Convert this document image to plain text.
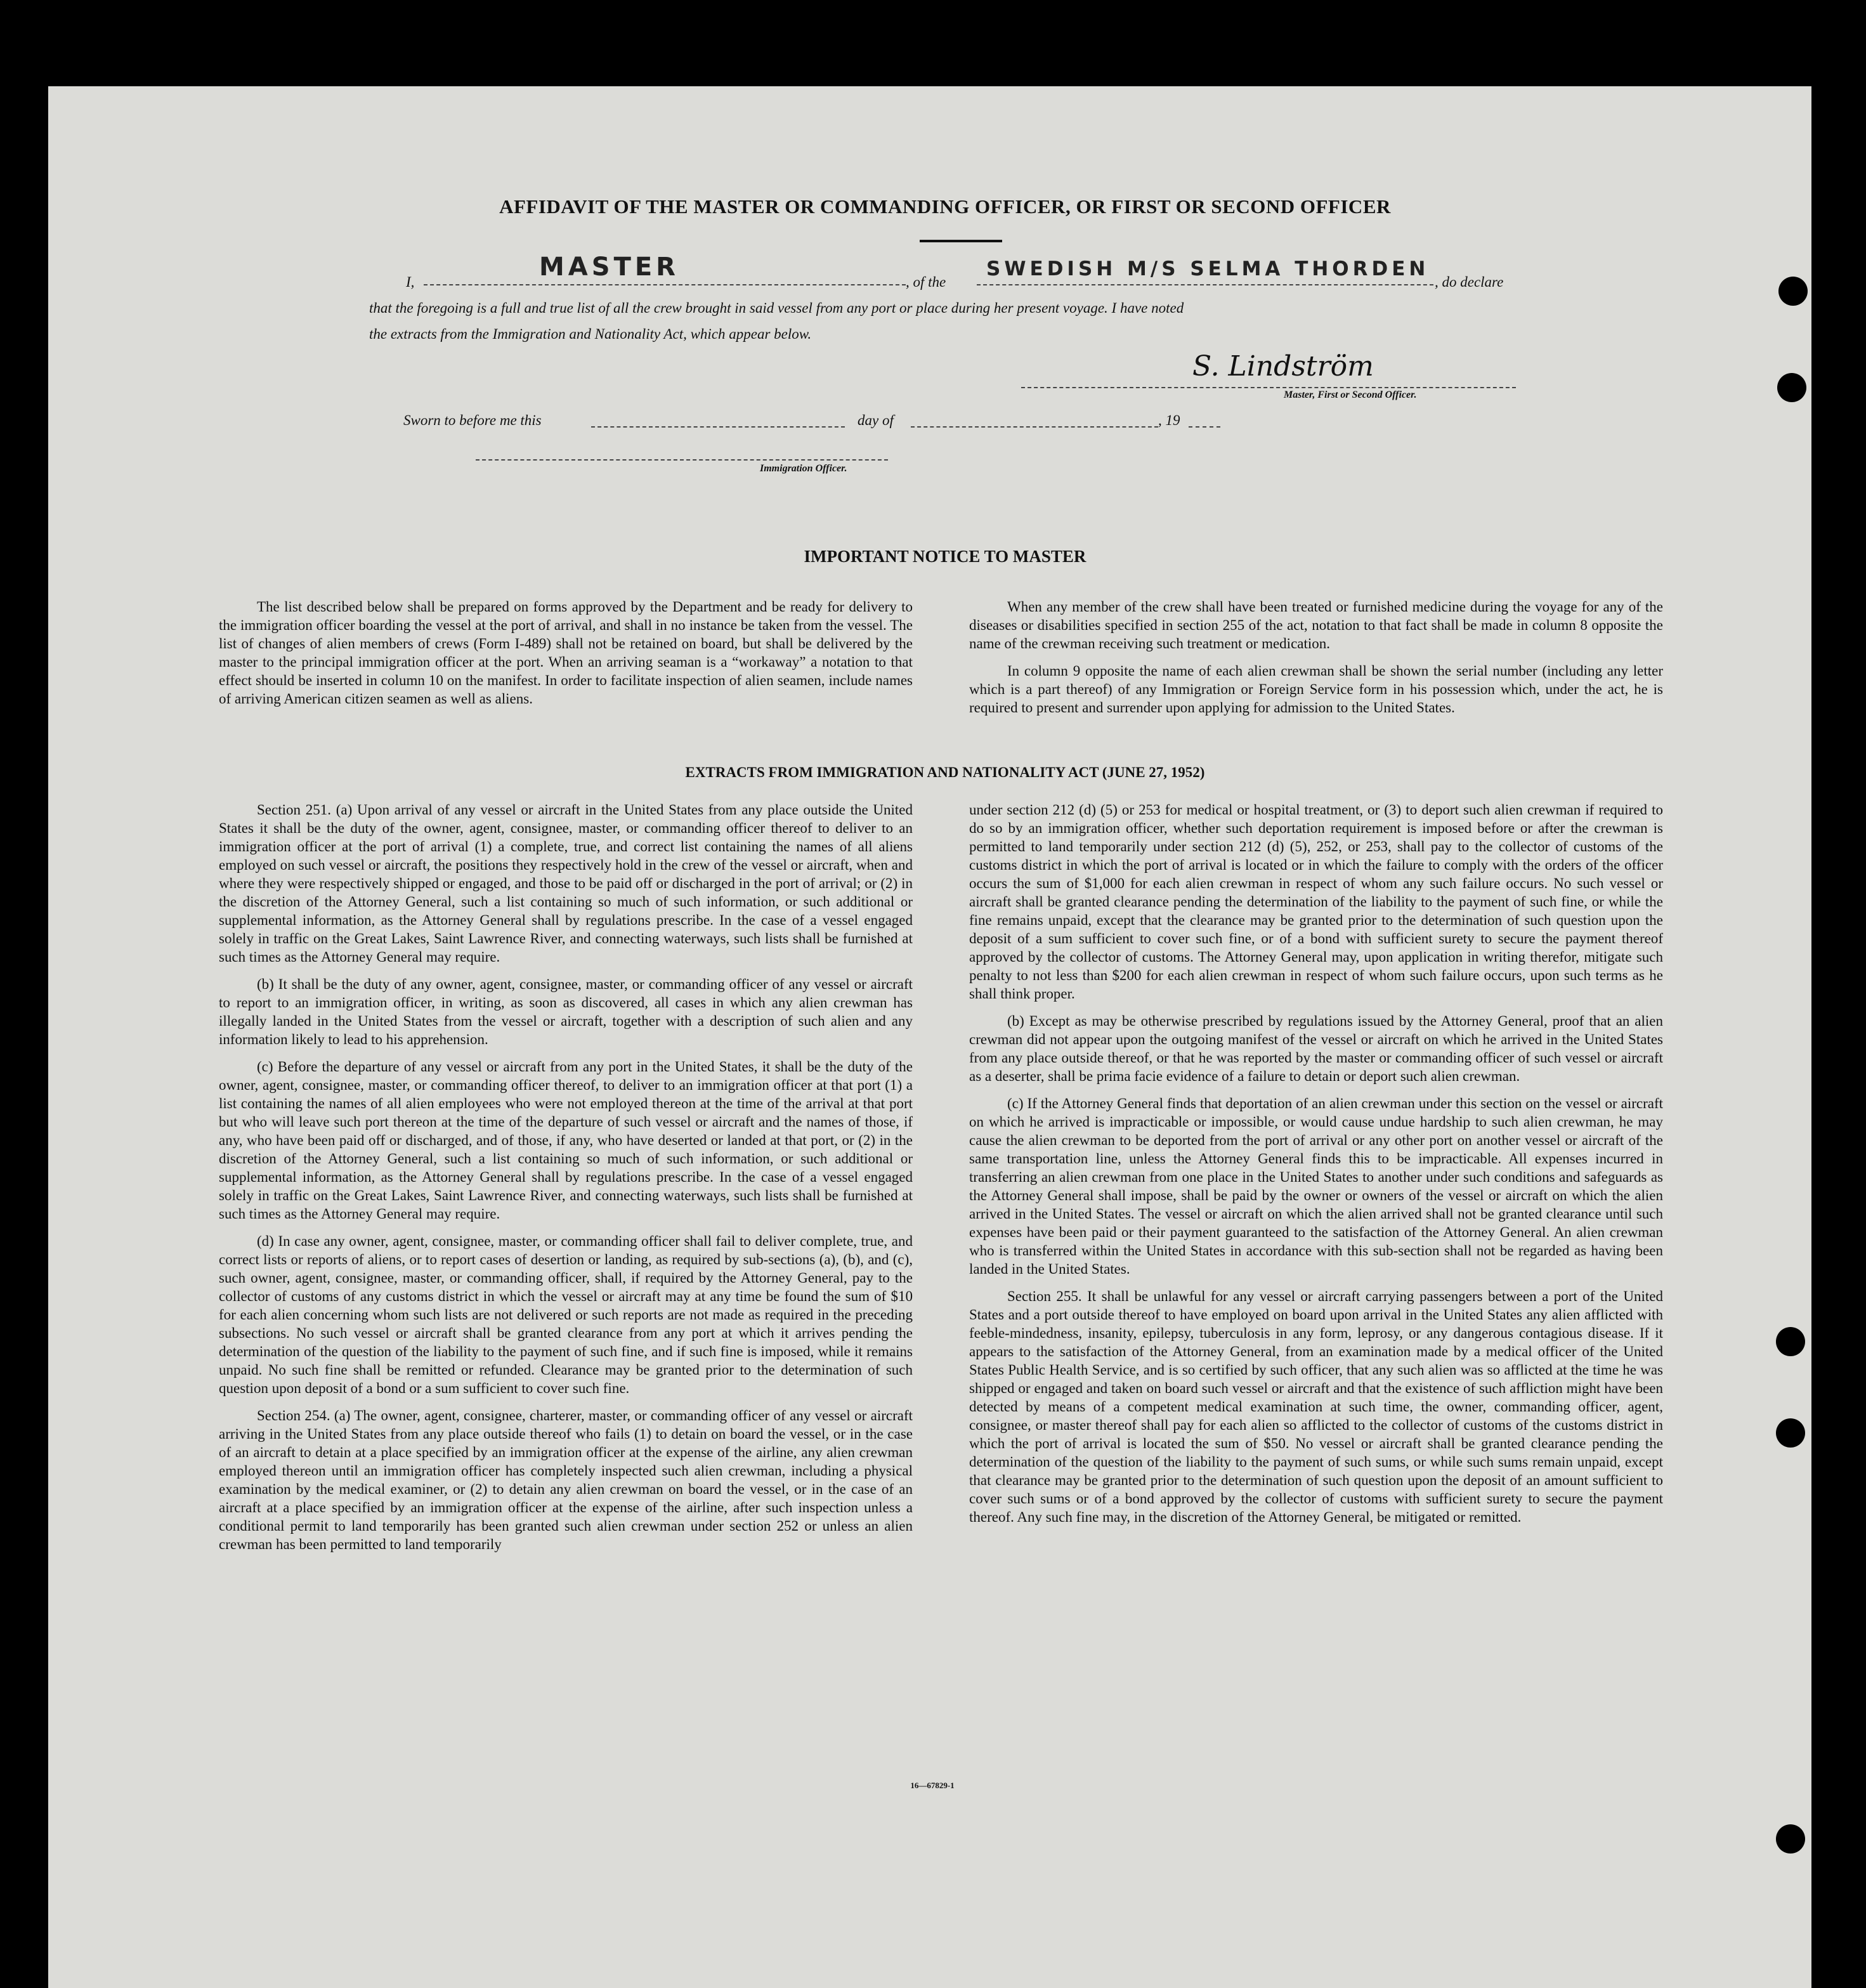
AFFIDAVIT OF THE MASTER OR COMMANDING OFFICER, OR FIRST OR SECOND OFFICER
I,
MASTER
, of the
SWEDISH M/S SELMA THORDEN
, do declare
that the foregoing is a full and true list of all the crew brought in said vessel from any port or place during her present voyage. I have noted
the extracts from the Immigration and Nationality Act, which appear below.
S. Lindström
Master, First or Second Officer.
Sworn to before me this	day of	, 19
Immigration Officer.
IMPORTANT NOTICE TO MASTER

The list described below shall be prepared on forms approved by the Department and be ready for delivery to the immigration officer boarding the vessel at the port of arrival, and shall in no instance be taken from the vessel. The list of changes of alien members of crews (Form I-489) shall not be retained on board, but shall be delivered by the master to the principal immigration officer at the port. When an arriving seaman is a “workaway” a notation to that effect should be inserted in column 10 on the manifest. In order to facilitate inspection of alien seamen, include names of arriving American citizen seamen as well as aliens.

When any member of the crew shall have been treated or furnished medicine during the voyage for any of the diseases or disabilities specified in section 255 of the act, notation to that fact shall be made in column 8 opposite the name of the crewman receiving such treatment or medication.

In column 9 opposite the name of each alien crewman shall be shown the serial number (including any letter which is a part thereof) of any Immigration or Foreign Service form in his possession which, under the act, he is required to present and surrender upon applying for admission to the United States.

EXTRACTS FROM IMMIGRATION AND NATIONALITY ACT (JUNE 27, 1952)

Section 251. (a) Upon arrival of any vessel or aircraft in the United States from any place outside the United States it shall be the duty of the owner, agent, consignee, master, or commanding officer thereof to deliver to an immigration officer at the port of arrival (1) a complete, true, and correct list containing the names of all aliens employed on such vessel or aircraft, the positions they respectively hold in the crew of the vessel or aircraft, when and where they were respectively shipped or engaged, and those to be paid off or discharged in the port of arrival; or (2) in the discretion of the Attorney General, such a list containing so much of such information, or such additional or supplemental information, as the Attorney General shall by regulations prescribe. In the case of a vessel engaged solely in traffic on the Great Lakes, Saint Lawrence River, and connecting waterways, such lists shall be furnished at such times as the Attorney General may require.

(b) It shall be the duty of any owner, agent, consignee, master, or commanding officer of any vessel or aircraft to report to an immigration officer, in writing, as soon as discovered, all cases in which any alien crewman has illegally landed in the United States from the vessel or aircraft, together with a description of such alien and any information likely to lead to his apprehension.

(c) Before the departure of any vessel or aircraft from any port in the United States, it shall be the duty of the owner, agent, consignee, master, or commanding officer thereof, to deliver to an immigration officer at that port (1) a list containing the names of all alien employees who were not employed thereon at the time of the arrival at that port but who will leave such port thereon at the time of the departure of such vessel or aircraft and the names of those, if any, who have been paid off or discharged, and of those, if any, who have deserted or landed at that port, or (2) in the discretion of the Attorney General, such a list containing so much of such information, or such additional or supplemental information, as the Attorney General shall by regulations prescribe. In the case of a vessel engaged solely in traffic on the Great Lakes, Saint Lawrence River, and connecting waterways, such lists shall be furnished at such times as the Attorney General may require.

(d) In case any owner, agent, consignee, master, or commanding officer shall fail to deliver complete, true, and correct lists or reports of aliens, or to report cases of desertion or landing, as required by sub-sections (a), (b), and (c), such owner, agent, consignee, master, or commanding officer, shall, if required by the Attorney General, pay to the collector of customs of any customs district in which the vessel or aircraft may at any time be found the sum of $10 for each alien concerning whom such lists are not delivered or such reports are not made as required in the preceding subsections. No such vessel or aircraft shall be granted clearance from any port at which it arrives pending the determination of the question of the liability to the payment of such fine, and if such fine is imposed, while it remains unpaid. No such fine shall be remitted or refunded. Clearance may be granted prior to the determination of such question upon deposit of a bond or a sum sufficient to cover such fine.

Section 254. (a) The owner, agent, consignee, charterer, master, or commanding officer of any vessel or aircraft arriving in the United States from any place outside thereof who fails (1) to detain on board the vessel, or in the case of an aircraft to detain at a place specified by an immigration officer at the expense of the airline, any alien crewman employed thereon until an immigration officer has completely inspected such alien crewman, including a physical examination by the medical examiner, or (2) to detain any alien crewman on board the vessel, or in the case of an aircraft at a place specified by an immigration officer at the expense of the airline, after such inspection unless a conditional permit to land temporarily has been granted such alien crewman under section 252 or unless an alien crewman has been permitted to land temporarily

under section 212 (d) (5) or 253 for medical or hospital treatment, or (3) to deport such alien crewman if required to do so by an immigration officer, whether such deportation requirement is imposed before or after the crewman is permitted to land temporarily under section 212 (d) (5), 252, or 253, shall pay to the collector of customs of the customs district in which the port of arrival is located or in which the failure to comply with the orders of the officer occurs the sum of $1,000 for each alien crewman in respect of whom any such failure occurs. No such vessel or aircraft shall be granted clearance pending the determination of the liability to the payment of such fine, or while the fine remains unpaid, except that the clearance may be granted prior to the determination of such question upon the deposit of a sum sufficient to cover such fine, or of a bond with sufficient surety to secure the payment thereof approved by the collector of customs. The Attorney General may, upon application in writing therefor, mitigate such penalty to not less than $200 for each alien crewman in respect of whom such failure occurs, upon such terms as he shall think proper.

(b) Except as may be otherwise prescribed by regulations issued by the Attorney General, proof that an alien crewman did not appear upon the outgoing manifest of the vessel or aircraft on which he arrived in the United States from any place outside thereof, or that he was reported by the master or commanding officer of such vessel or aircraft as a deserter, shall be prima facie evidence of a failure to detain or deport such alien crewman.

(c) If the Attorney General finds that deportation of an alien crewman under this section on the vessel or aircraft on which he arrived is impracticable or impossible, or would cause undue hardship to such alien crewman, he may cause the alien crewman to be deported from the port of arrival or any other port on another vessel or aircraft of the same transportation line, unless the Attorney General finds this to be impracticable. All expenses incurred in transferring an alien crewman from one place in the United States to another under such conditions and safeguards as the Attorney General shall impose, shall be paid by the owner or owners of the vessel or aircraft on which the alien arrived in the United States. The vessel or aircraft on which the alien arrived shall not be granted clearance until such expenses have been paid or their payment guaranteed to the satisfaction of the Attorney General. An alien crewman who is transferred within the United States in accordance with this sub-section shall not be regarded as having been landed in the United States.

Section 255. It shall be unlawful for any vessel or aircraft carrying passengers between a port of the United States and a port outside thereof to have employed on board upon arrival in the United States any alien afflicted with feeble-mindedness, insanity, epilepsy, tuberculosis in any form, leprosy, or any dangerous contagious disease. If it appears to the satisfaction of the Attorney General, from an examination made by a medical officer of the United States Public Health Service, and is so certified by such officer, that any such alien was so afflicted at the time he was shipped or engaged and taken on board such vessel or aircraft and that the existence of such affliction might have been detected by means of a competent medical examination at such time, the owner, commanding officer, agent, consignee, or master thereof shall pay for each alien so afflicted to the collector of customs of the customs district in which the port of arrival is located the sum of $50. No vessel or aircraft shall be granted clearance pending the determination of the question of the liability to the payment of such sums, or while such sums remain unpaid, except that clearance may be granted prior to the determination of such question upon the deposit of an amount sufficient to cover such sums or of a bond approved by the collector of customs with sufficient surety to secure the payment thereof. Any such fine may, in the discretion of the Attorney General, be mitigated or remitted.

16—67829-1
